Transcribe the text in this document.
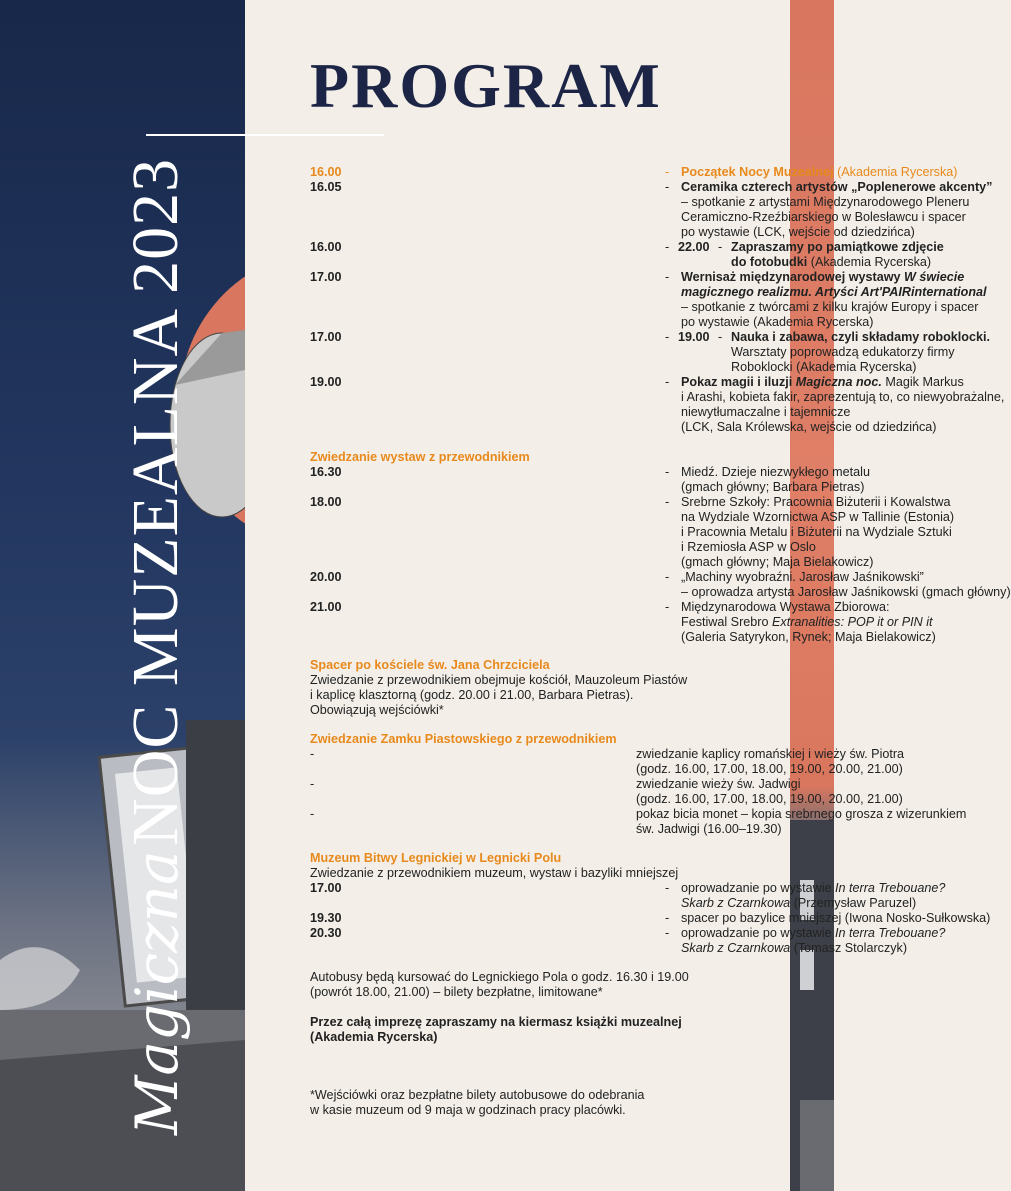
Magiczna NOC MUZEALNA 2023
PROGRAM
16.00	- Początek Nocy Muzealnej (Akademia Rycerska)
16.05	- Ceramika czterech artystów „Poplenerowe akcenty”
– spotkanie z artystami Międzynarodowego Pleneru
Ceramiczno-Rzeźbiarskiego w Bolesławcu i spacer
po wystawie (LCK, wejście od dziedzińca)
16.00	- 22.00 - Zapraszamy po pamiątkowe zdjęcie
do fotobudki (Akademia Rycerska)
17.00	- Wernisaż międzynarodowej wystawy W świecie
magicznego realizmu. Artyści Art'PAIRinternational
– spotkanie z twórcami z kilku krajów Europy i spacer
po wystawie (Akademia Rycerska)
17.00	- 19.00 - Nauka i zabawa, czyli składamy roboklocki.
Warsztaty poprowadzą edukatorzy firmy
Roboklocki (Akademia Rycerska)
19.00	- Pokaz magii i iluzji Magiczna noc. Magik Markus
i Arashi, kobieta fakir, zaprezentują to, co niewyobrażalne,
niewytłumaczalne i tajemnicze
(LCK, Sala Królewska, wejście od dziedzińca)
Zwiedzanie wystaw z przewodnikiem
16.30	- Miedź. Dzieje niezwykłego metalu
(gmach główny; Barbara Pietras)
18.00	- Srebrne Szkoły: Pracownia Biżuterii i Kowalstwa
na Wydziale Wzornictwa ASP w Tallinie (Estonia)
i Pracownia Metalu i Biżuterii na Wydziale Sztuki
i Rzemiosła ASP w Oslo
(gmach główny; Maja Bielakowicz)
20.00	- „Machiny wyobraźni. Jarosław Jaśnikowski”
– oprowadza artysta Jarosław Jaśnikowski (gmach główny)
21.00	- Międzynarodowa Wystawa Zbiorowa:
Festiwal Srebro Extranalities: POP it or PIN it
(Galeria Satyrykon, Rynek; Maja Bielakowicz)
Spacer po kościele św. Jana Chrzciciela
Zwiedzanie z przewodnikiem obejmuje kościół, Mauzoleum Piastów
i kaplicę klasztorną (godz. 20.00 i 21.00, Barbara Pietras).
Obowiązują wejściówki*
Zwiedzanie Zamku Piastowskiego z przewodnikiem
-	zwiedzanie kaplicy romańskiej i wieży św. Piotra
(godz. 16.00, 17.00, 18.00, 19.00, 20.00, 21.00)
-	zwiedzanie wieży św. Jadwigi
(godz. 16.00, 17.00, 18.00, 19.00, 20.00, 21.00)
-	pokaz bicia monet – kopia srebrnego grosza z wizerunkiem
św. Jadwigi (16.00–19.30)
Muzeum Bitwy Legnickiej w Legnicki Polu
Zwiedzanie z przewodnikiem muzeum, wystaw i bazyliki mniejszej
17.00	- oprowadzanie po wystawie In terra Trebouane?
Skarb z Czarnkowa (Przemysław Paruzel)
19.30	- spacer po bazylice mniejszej (Iwona Nosko-Sułkowska)
20.30	- oprowadzanie po wystawie In terra Trebouane?
Skarb z Czarnkowa (Tomasz Stolarczyk)
Autobusy będą kursować do Legnickiego Pola o godz. 16.30 i 19.00
(powrót 18.00, 21.00) – bilety bezpłatne, limitowane*
Przez całą imprezę zapraszamy na kiermasz książki muzealnej
(Akademia Rycerska)
*Wejściówki oraz bezpłatne bilety autobusowe do odebrania
w kasie muzeum od 9 maja w godzinach pracy placówki.
